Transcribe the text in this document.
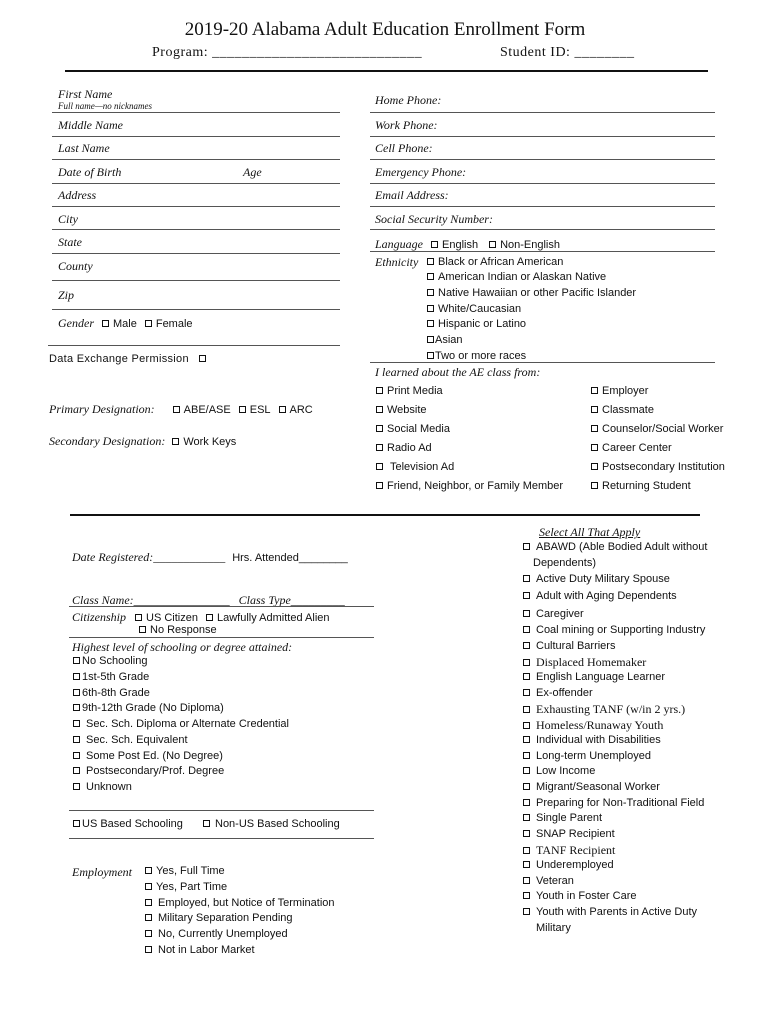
2019-20 Alabama Adult Education Enrollment Form
Program: ____________________________	Student ID: ________
First Name
Full name—no nicknames
Middle Name
Last Name
Date of Birth	Age
Address
City
State
County
Zip
Gender Male Female
Data Exchange Permission
Primary Designation:	ABE/ASE ESL ARC
Secondary Designation: Work Keys
Home Phone:
Work Phone:
Cell Phone:
Emergency Phone:
Email Address:
Social Security Number:
Language English Non-English
Ethnicity	Black or African American
American Indian or Alaskan Native
Native Hawaiian or other Pacific Islander
White/Caucasian
Hispanic or Latino
Asian
Two or more races
I learned about the AE class from:
Print Media
Website
Social Media
Radio Ad
Television Ad
Friend, Neighbor, or Family Member
Employer
Classmate
Counselor/Social Worker
Career Center
Postsecondary Institution
Returning Student
Date Registered:____________ Hrs. Attended________
Class Name:________________ Class Type_________
Citizenship US Citizen Lawfully Admitted Alien
No Response
Highest level of schooling or degree attained:
No Schooling
1st-5th Grade
6th-8th Grade
9th-12th Grade (No Diploma)
Sec. Sch. Diploma or Alternate Credential
Sec. Sch. Equivalent
Some Post Ed. (No Degree)
Postsecondary/Prof. Degree
Unknown
US Based Schooling	Non-US Based Schooling
Employment	Yes, Full Time
Yes, Part Time
Employed, but Notice of Termination
Military Separation Pending
No, Currently Unemployed
Not in Labor Market
Select All That Apply
ABAWD (Able Bodied Adult without
Dependents)
Active Duty Military Spouse
Adult with Aging Dependents
Caregiver
Coal mining or Supporting Industry
Cultural Barriers
Displaced Homemaker
English Language Learner
Ex-offender
Exhausting TANF (w/in 2 yrs.)
Homeless/Runaway Youth
Individual with Disabilities
Long-term Unemployed
Low Income
Migrant/Seasonal Worker
Preparing for Non-Traditional Field
Single Parent
SNAP Recipient
TANF Recipient
Underemployed
Veteran
Youth in Foster Care
Youth with Parents in Active Duty
Military
